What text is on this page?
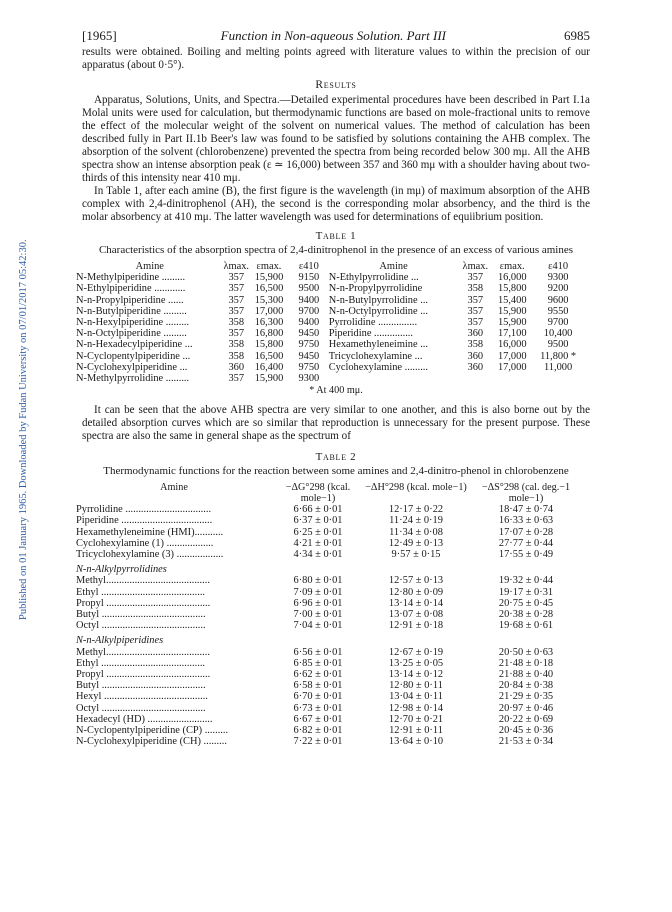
Published on 01 January 1965. Downloaded by Fudan University on 07/01/2017 05:42:30.
[1965]	Function in Non-aqueous Solution. Part III	6985

results were obtained. Boiling and melting points agreed with literature values to within the precision of our apparatus (about 0·5°).

Results

Apparatus, Solutions, Units, and Spectra.—Detailed experimental procedures have been described in Part I.1a Molal units were used for calculation, but thermodynamic functions are based on mole-fractional units to remove the effect of the molecular weight of the solvent on numerical values. The method of calculation has been described fully in Part II.1b Beer's law was found to be satisfied by solutions containing the AHB complex. The absorption of the solvent (chlorobenzene) prevented the spectra from being recorded below 300 mμ. All the AHB spectra show an intense absorption peak (ε ≃ 16,000) between 357 and 360 mμ with a shoulder having about two-thirds of this intensity near 410 mμ.

In Table 1, after each amine (B), the first figure is the wavelength (in mμ) of maximum absorption of the AHB complex with 2,4-dinitrophenol (AH), the second is the corresponding molar absorbency, and the third is the molar absorbency at 410 mμ. The latter wavelength was used for determinations of equiibrium position.

Table 1
Characteristics of the absorption spectra of 2,4-dinitrophenol in the presence of an excess of various amines
Amine	λmax.	εmax.	ε410	Amine	λmax.	εmax.	ε410
N-Methylpiperidine .........	357	15,900	9150	N-Ethylpyrrolidine ...	357	16,000	9300
N-Ethylpiperidine ............	357	16,500	9500	N-n-Propylpyrrolidine	358	15,800	9200
N-n-Propylpiperidine ......	357	15,300	9400	N-n-Butylpyrrolidine ...	357	15,400	9600
N-n-Butylpiperidine .........	357	17,000	9700	N-n-Octylpyrrolidine ...	357	15,900	9550
N-n-Hexylpiperidine .........	358	16,300	9400	Pyrrolidine ...............	357	15,900	9700
N-n-Octylpiperidine .........	357	16,800	9450	Piperidine ...............	360	17,100	10,400
N-n-Hexadecylpiperidine ...	358	15,800	9750	Hexamethyleneimine ...	358	16,000	9500
N-Cyclopentylpiperidine ...	358	16,500	9450	Tricyclohexylamine ...	360	17,000	11,800 *
N-Cyclohexylpiperidine ...	360	16,400	9750	Cyclohexylamine .........	360	17,000	11,000
N-Methylpyrrolidine .........	357	15,900	9300				
* At 400 mμ.

It can be seen that the above AHB spectra are very similar to one another, and this is also borne out by the detailed absorption curves which are so similar that reproduction is unnecessary for the present purpose. These spectra are also the same in general shape as the spectrum of

Table 2
Thermodynamic functions for the reaction between some amines and 2,4-dinitro-phenol in chlorobenzene
Amine	−ΔG°298 (kcal. mole−1)	−ΔH°298 (kcal. mole−1)	−ΔS°298 (cal. deg.−1 mole−1)
Pyrrolidine .................................	6·66 ± 0·01	12·17 ± 0·22	18·47 ± 0·74
Piperidine ...................................	6·37 ± 0·01	11·24 ± 0·19	16·33 ± 0·63
Hexamethyleneimine (HMI)...........	6·25 ± 0·01	11·34 ± 0·08	17·07 ± 0·28
Cyclohexylamine (1) ..................	4·21 ± 0·01	12·49 ± 0·13	27·77 ± 0·44
Tricyclohexylamine (3) ..................	4·34 ± 0·01	9·57 ± 0·15	17·55 ± 0·49
N-n-Alkylpyrrolidines			
Methyl........................................	6·80 ± 0·01	12·57 ± 0·13	19·32 ± 0·44
Ethyl ........................................	7·09 ± 0·01	12·80 ± 0·09	19·17 ± 0·31
Propyl ........................................	6·96 ± 0·01	13·14 ± 0·14	20·75 ± 0·45
Butyl ........................................	7·00 ± 0·01	13·07 ± 0·08	20·38 ± 0·28
Octyl ........................................	7·04 ± 0·01	12·91 ± 0·18	19·68 ± 0·61
N-n-Alkylpiperidines			
Methyl........................................	6·56 ± 0·01	12·67 ± 0·19	20·50 ± 0·63
Ethyl ........................................	6·85 ± 0·01	13·25 ± 0·05	21·48 ± 0·18
Propyl ........................................	6·62 ± 0·01	13·14 ± 0·12	21·88 ± 0·40
Butyl ........................................	6·58 ± 0·01	12·80 ± 0·11	20·84 ± 0·38
Hexyl ........................................	6·70 ± 0·01	13·04 ± 0·11	21·29 ± 0·35
Octyl ........................................	6·73 ± 0·01	12·98 ± 0·14	20·97 ± 0·46
Hexadecyl (HD) .........................	6·67 ± 0·01	12·70 ± 0·21	20·22 ± 0·69
N-Cyclopentylpiperidine (CP) .........	6·82 ± 0·01	12·91 ± 0·11	20·45 ± 0·36
N-Cyclohexylpiperidine (CH) .........	7·22 ± 0·01	13·64 ± 0·10	21·53 ± 0·34
